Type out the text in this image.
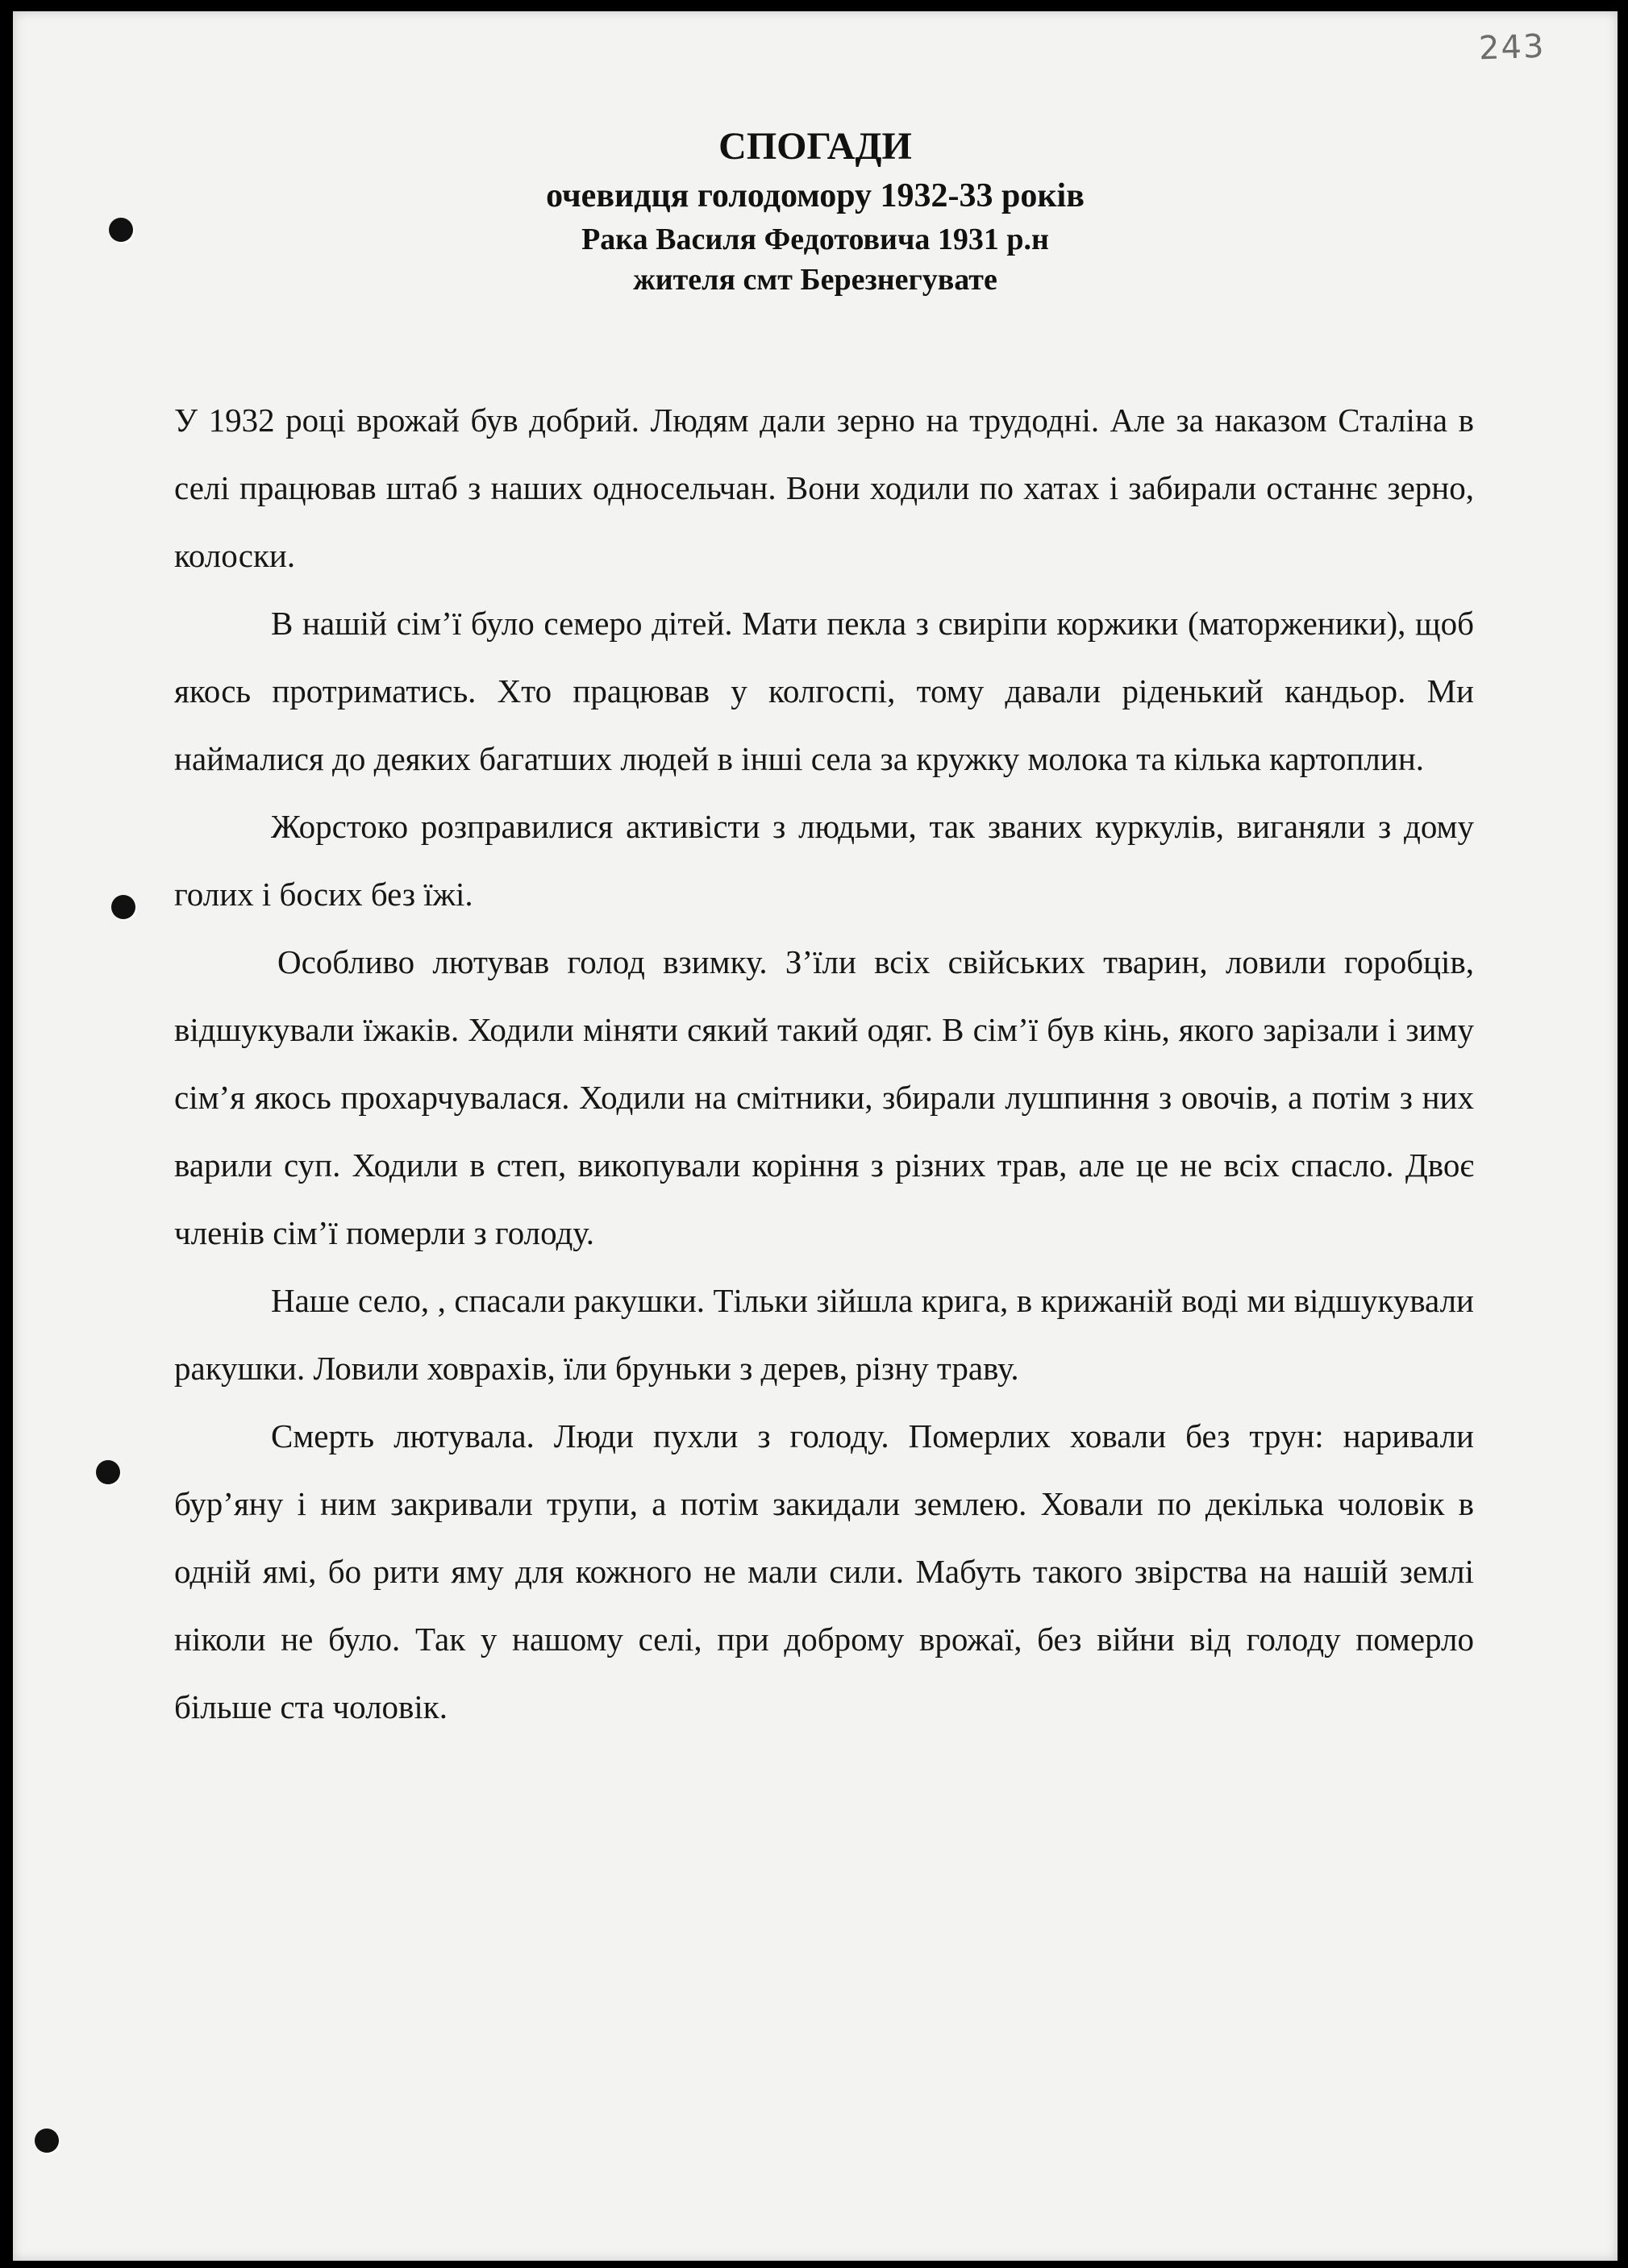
243
СПОГАДИ
очевидця голодомору 1932-33 років
Рака Василя Федотовича 1931 р.н
жителя смт Березнегувате

У 1932 році врожай був добрий. Людям дали зерно на трудодні. Але за наказом Сталіна в селі працював штаб з наших односельчан. Вони ходили по хатах і забирали останнє зерно, колоски.

В нашій сім’ї було семеро дітей. Мати пекла з свиріпи коржики (маторженики), щоб якось протриматись. Хто працював у колгоспі, тому давали ріденький кандьор. Ми наймалися до деяких багатших людей в інші села за кружку молока та кілька картоплин.

Жорстоко розправилися активісти з людьми, так званих куркулів, виганяли з дому голих і босих без їжі.

Особливо лютував голод взимку. З’їли всіх свійських тварин, ловили горобців, відшукували їжаків. Ходили міняти сякий такий одяг. В сім’ї був кінь, якого зарізали і зиму сім’я якось прохарчувалася. Ходили на смітники, збирали лушпиння з овочів, а потім з них варили суп. Ходили в степ, викопували коріння з різних трав, але це не всіх спасло. Двоє членів сім’ї померли з голоду.

Наше село, , спасали ракушки. Тільки зійшла крига, в крижаній воді ми відшукували ракушки. Ловили ховрахів, їли бруньки з дерев, різну траву.

Смерть лютувала. Люди пухли з голоду. Померлих ховали без трун: наривали бур’яну і ним закривали трупи, а потім закидали землею. Ховали по декілька чоловік в одній ямі, бо рити яму для кожного не мали сили. Мабуть такого звірства на нашій землі ніколи не було. Так у нашому селі, при доброму врожаї, без війни від голоду померло більше ста чоловік.
